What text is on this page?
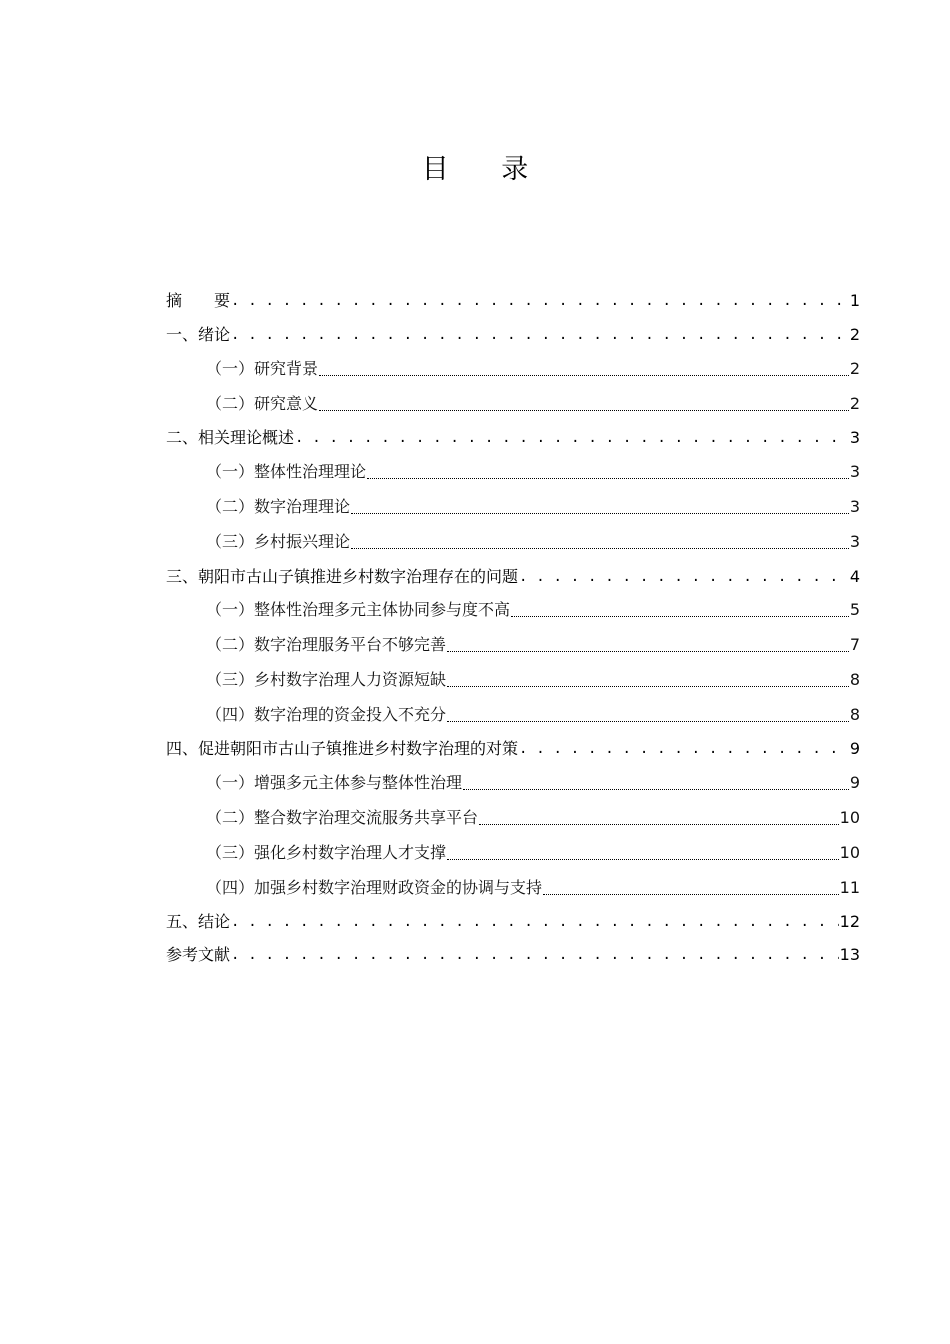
目 录
摘　　要 . . .	1
一、绪论 . . .	2
（一）研究背景	2
（二）研究意义	2
二、相关理论概述 . . .	3
（一）整体性治理理论	3
（二）数字治理理论	3
（三）乡村振兴理论	3
三、朝阳市古山子镇推进乡村数字治理存在的问题 . . .	4
（一）整体性治理多元主体协同参与度不高	5
（二）数字治理服务平台不够完善	7
（三）乡村数字治理人力资源短缺	8
（四）数字治理的资金投入不充分	8
四、促进朝阳市古山子镇推进乡村数字治理的对策 . . .	9
（一）增强多元主体参与整体性治理	9
（二）整合数字治理交流服务共享平台	10
（三）强化乡村数字治理人才支撑	10
（四）加强乡村数字治理财政资金的协调与支持	11
五、结论 . . .	12
参考文献 . . .	13
